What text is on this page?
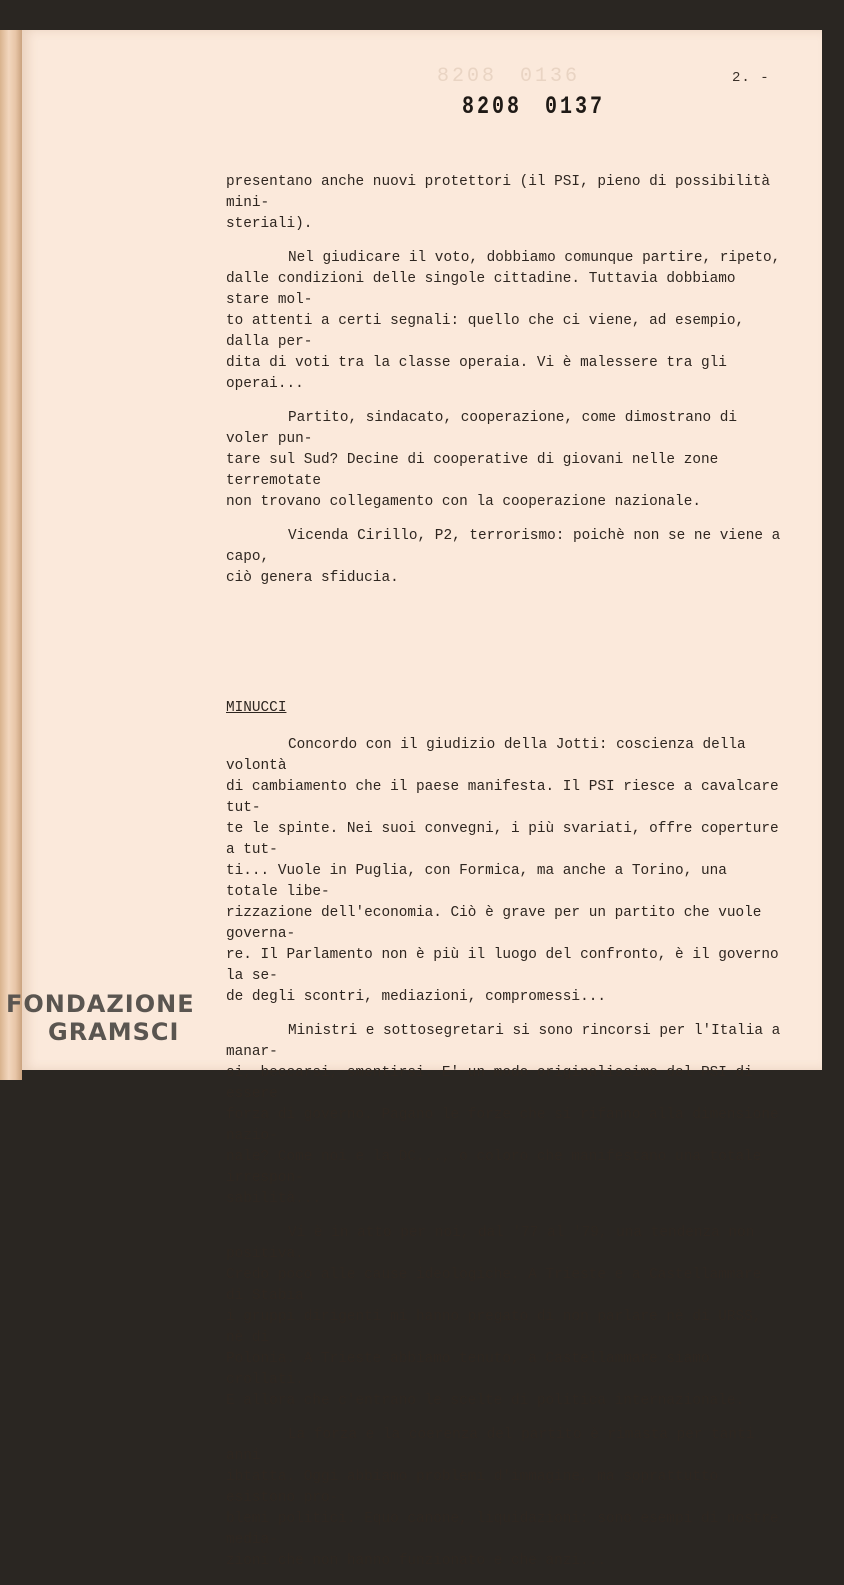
8208 0136	2. -
8208 0137

presentano anche nuovi protettori (il PSI, pieno di possibilità mini-
steriali).

Nel giudicare il voto, dobbiamo comunque partire, ripeto,
dalle condizioni delle singole cittadine. Tuttavia dobbiamo stare mol-
to attenti a certi segnali: quello che ci viene, ad esempio, dalla per-
dita di voti tra la classe operaia. Vi è malessere tra gli operai...

Partito, sindacato, cooperazione, come dimostrano di voler pun-
tare sul Sud? Decine di cooperative di giovani nelle zone terremotate
non trovano collegamento con la cooperazione nazionale.

Vicenda Cirillo, P2, terrorismo: poichè non se ne viene a capo,
ciò genera sfiducia.

MINUCCI

Concordo con il giudizio della Jotti: coscienza della volontà
di cambiamento che il paese manifesta. Il PSI riesce a cavalcare tut-
te le spinte. Nei suoi convegni, i più svariati, offre coperture a tut-
ti... Vuole in Puglia, con Formica, ma anche a Torino, una totale libe-
rizzazione dell'economia. Ciò è grave per un partito che vuole governa-
re. Il Parlamento non è più il luogo del confronto, è il governo la se-
de degli scontri, mediazioni, compromessi...

Ministri e sottosegretari si sono rincorsi per l'Italia a manar-
si, beccarsi, smentirsi. E' un modo originalissimo del PSI di essere
forza di governo. Pagano le forze che si rifanno alla dimensione nazio-
nale? Come noi e la DC..., o coloro che manifestano una totale irrespon-
sabilità...

Vi è in atto per noi, dal '77 al '79, una tendenza non positiva.
Credo poco alle cause ideologiche. A Trieste e a Castellammare di Stabia
i gruppi dirigenti mi hanno pregato di non parlare nè di URSS, nè di
Polonia. A Trieste abbiamo tenuto, a Castellammare siamo crollati.
E allora che c'entrano le scelte di politica internazionale.

La forza e la coerenza del partito è rimasta per tanti anni
ibtatta. Oggi abbiamo problemi d'immagine, ma soprattutto esistono pro-
blemi politici. Equo canone, liquidazioni: sono esempi di nostre media-
zioni che non hanno funzionato e che anzi...

FONDAZIONE
GRAMSCI
